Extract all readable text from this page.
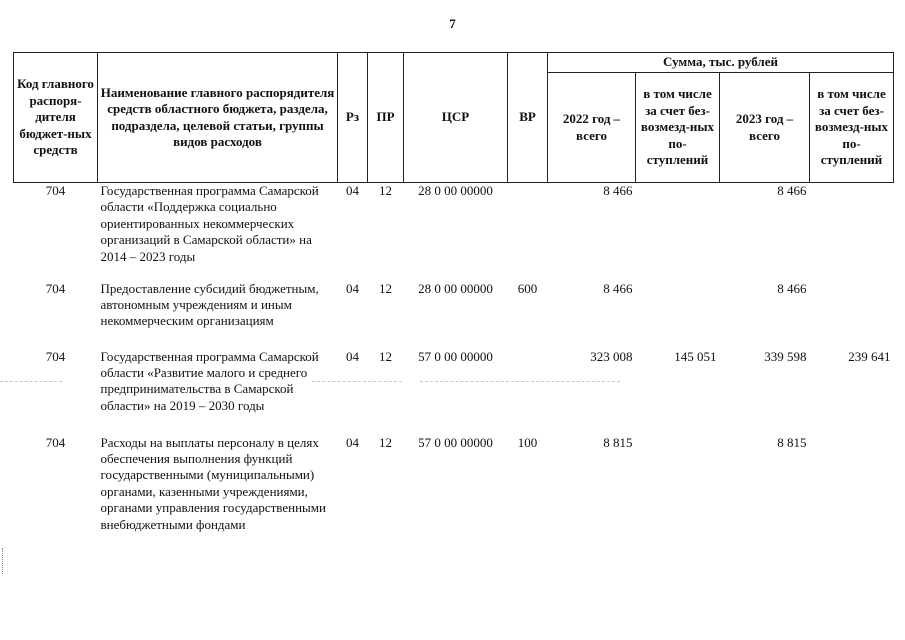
7
Код главного распоря-дителя бюджет-ных средств	Наименование главного распорядителя средств областного бюджета, раздела, подраздела, целевой статьи, группы видов расходов	Рз	ПР	ЦСР	ВР	Сумма, тыс. рублей			
						2022 год – всего	в том числе за счет без-возмезд-ных по-ступлений	2023 год – всего	в том числе за счет без-возмезд-ных по-ступлений
704	Государственная программа Самарской области «Поддержка социально ориентированных некоммерческих организаций в Самарской области» на 2014 – 2023 годы	04	12	28 0 00 00000		8 466		8 466	
704	Предоставление субсидий бюджетным, автономным учреждениям и иным некоммерческим организациям	04	12	28 0 00 00000	600	8 466		8 466	
704	Государственная программа Самарской области «Развитие малого и среднего предпринимательства в Самарской области» на 2019 – 2030 годы	04	12	57 0 00 00000		323 008	145 051	339 598	239 641
704	Расходы на выплаты персоналу в целях обеспечения выполнения функций государственными (муниципальными) органами, казенными учреждениями, органами управления государственными внебюджетными фондами	04	12	57 0 00 00000	100	8 815		8 815	
